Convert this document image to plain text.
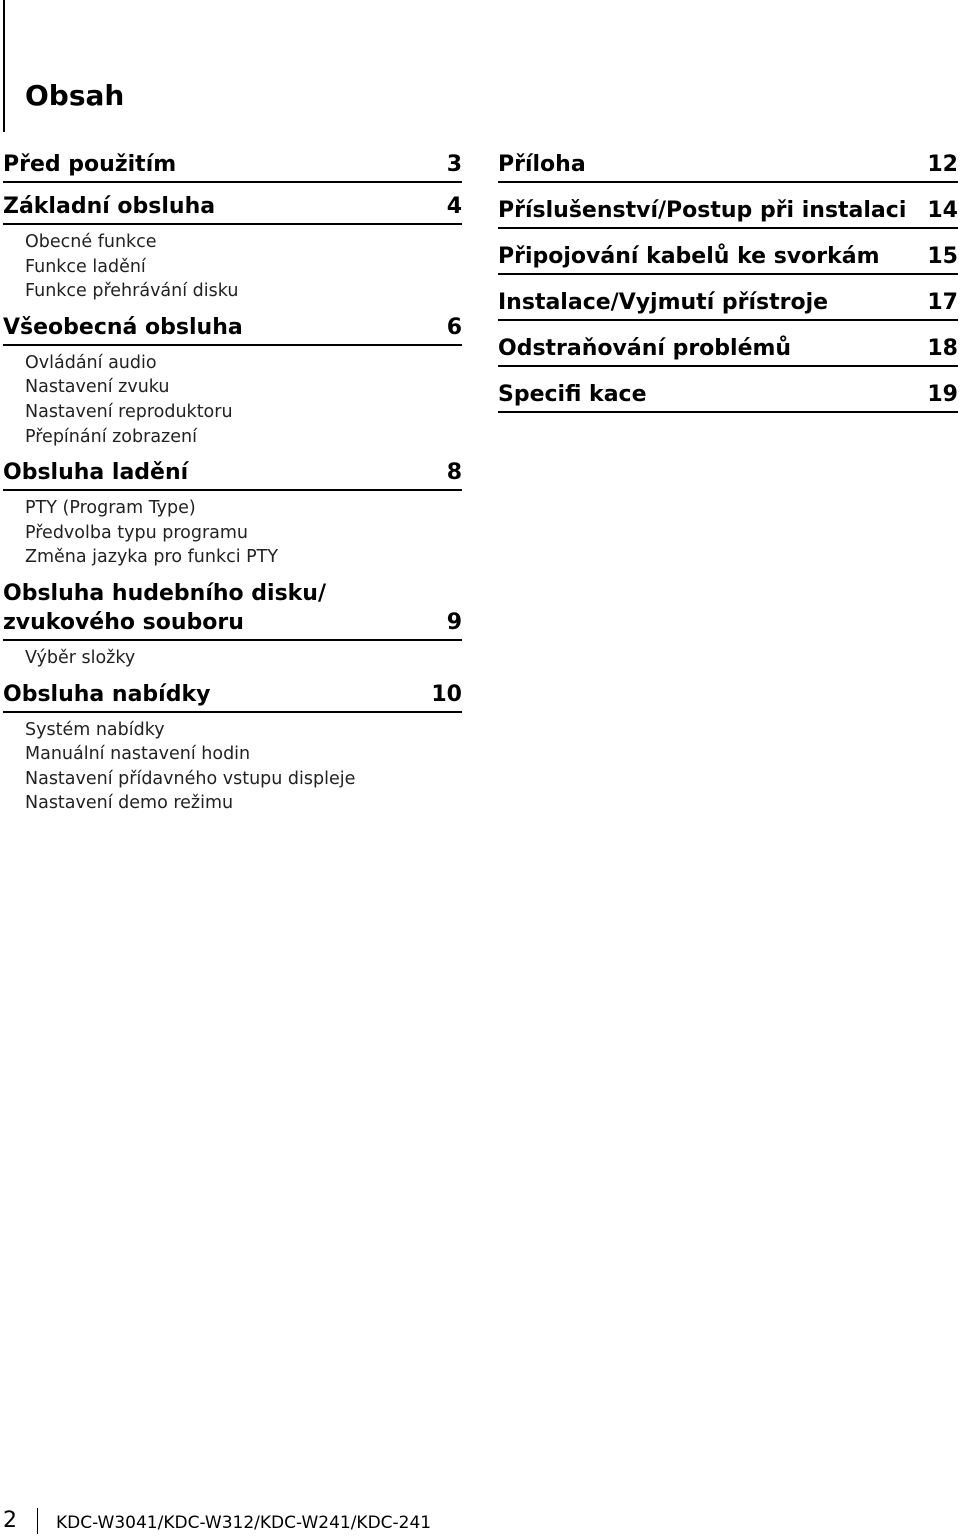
Obsah
Před použitím	3
Základní obsluha	4
Obecné funkce
Funkce ladění
Funkce přehrávání disku
Všeobecná obsluha	6
Ovládání audio
Nastavení zvuku
Nastavení reproduktoru
Přepínání zobrazení
Obsluha ladění	8
PTY (Program Type)
Předvolba typu programu
Změna jazyka pro funkci PTY
Obsluha hudebního disku/
zvukového souboru	9
Výběr složky
Obsluha nabídky	10
Systém nabídky
Manuální nastavení hodin
Nastavení přídavného vstupu displeje
Nastavení demo režimu
Příloha	12
Příslušenství/Postup při instalaci 14
Připojování kabelů ke svorkám	15
Instalace/Vyjmutí přístroje	17
Odstraňování problémů	18
Specifi kace	19
2 KDC-W3041/KDC-W312/KDC-W241/KDC-241
